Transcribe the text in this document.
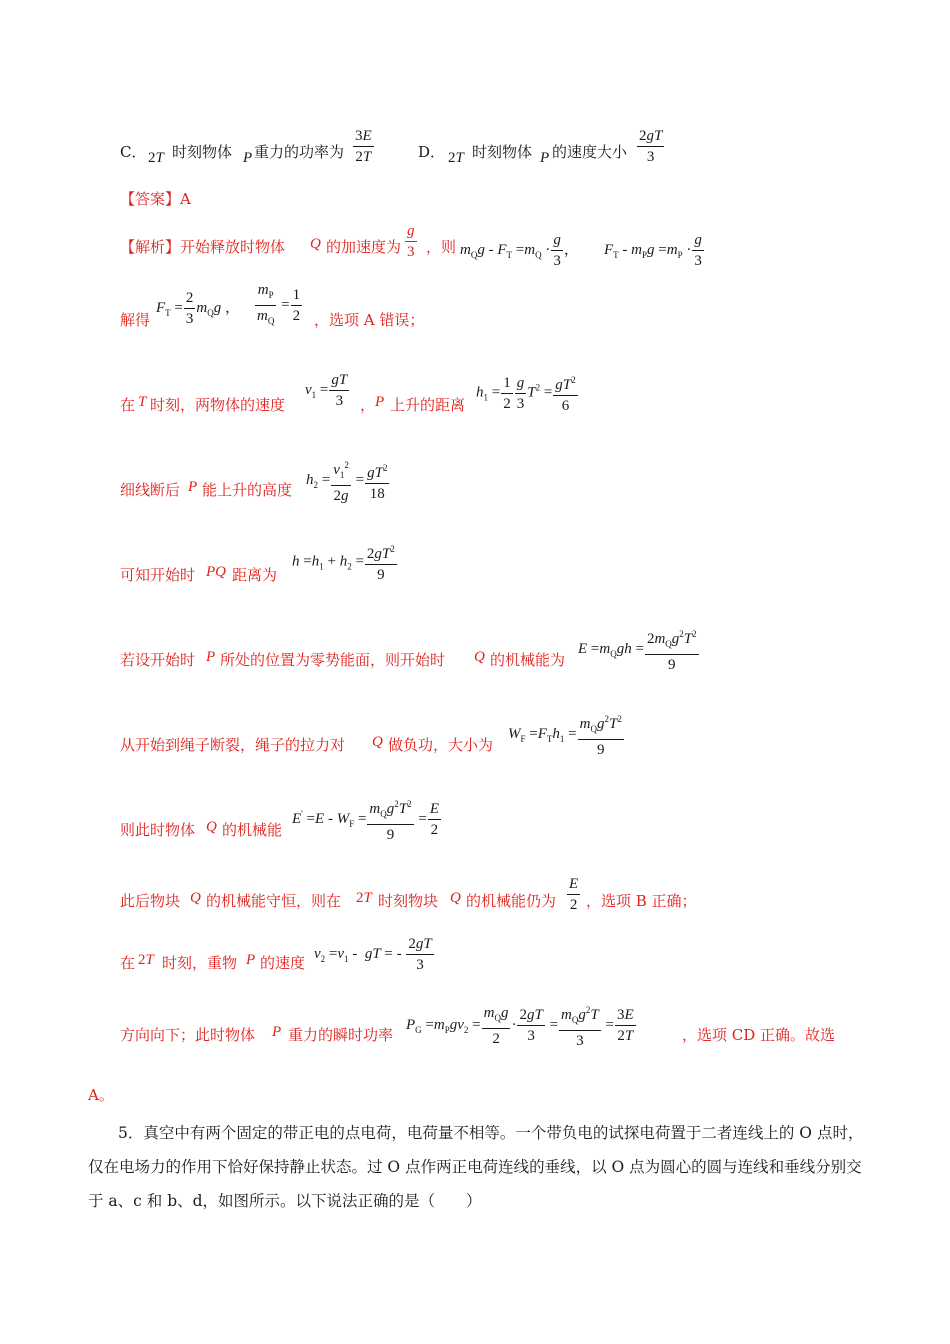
C． 2T 时刻物体 P 重力的功率为 $\frac{3E}{2T}$	D． 2T 时刻物体 P 的速度大小 $\frac{2gT}{3}$
【答案】A
【解析】开始释放时物体 Q 的加速度为 $\frac{g}{3}$ ，则 $m_Qg - F_T =m_Q \cdot \frac{g}{3}$ ， $F_T - m_Pg =m_P \cdot \frac{g}{3}$
解得
$F_T = \frac{2}{3} m_Qg$ ， $\frac{m_P}{m_Q} = \frac{1}{2}$ ，选项 A 错误；
在 T 时刻，两物体的速度
$v_1 = \frac{gT}{3}$ ， P 上升的距离
$h_1 = \frac{1}{2} \frac{g}{3} T^2 = \frac{gT^2}{6}$
细线断后 P 能上升的高度
$h_2 = \frac{v_1^2}{2g} = \frac{gT^2}{18}$
可知开始时 PQ 距离为
$h =h_1 + h_2 = \frac{2gT^2}{9}$
若设开始时 P 所处的位置为零势能面，则开始时 Q 的机械能为
$E =m_Qgh = \frac{2m_Qg^2T^2}{9}$
从开始到绳子断裂，绳子的拉力对 Q 做负功，大小为
$W_F =F_Th_1 = \frac{m_Qg^2T^2}{9}$
则此时物体 Q 的机械能
$E' =E - W_F = \frac{m_Qg^2T^2}{9} = \frac{E}{2}$
此后物块 Q 的机械能守恒，则在 2T 时刻物块 Q 的机械能仍为 $\frac{E}{2}$ ，选项 B 正确；
在 2T 时刻，重物 P 的速度
$v_2 =v_1$ -  gT = - $\frac{2gT}{3}$
方向向下；此时物体 P 重力的瞬时功率
$P_G =m_Pgv_2 = \frac{m_Qg}{2} \cdot \frac{2gT}{3} = \frac{m_Qg^2T}{3} = \frac{3E}{2T}$	，选项 CD 正确。故选
A。
5．真空中有两个固定的带正电的点电荷，电荷量不相等。一个带负电的试探电荷置于二者连线上的 O 点时，仅在电场力的作用下恰好保持静止状态。过 O 点作两正电荷连线的垂线，以 O 点为圆心的圆与连线和垂线分别交于 a、c 和 b、d，如图所示。以下说法正确的是（　　）
